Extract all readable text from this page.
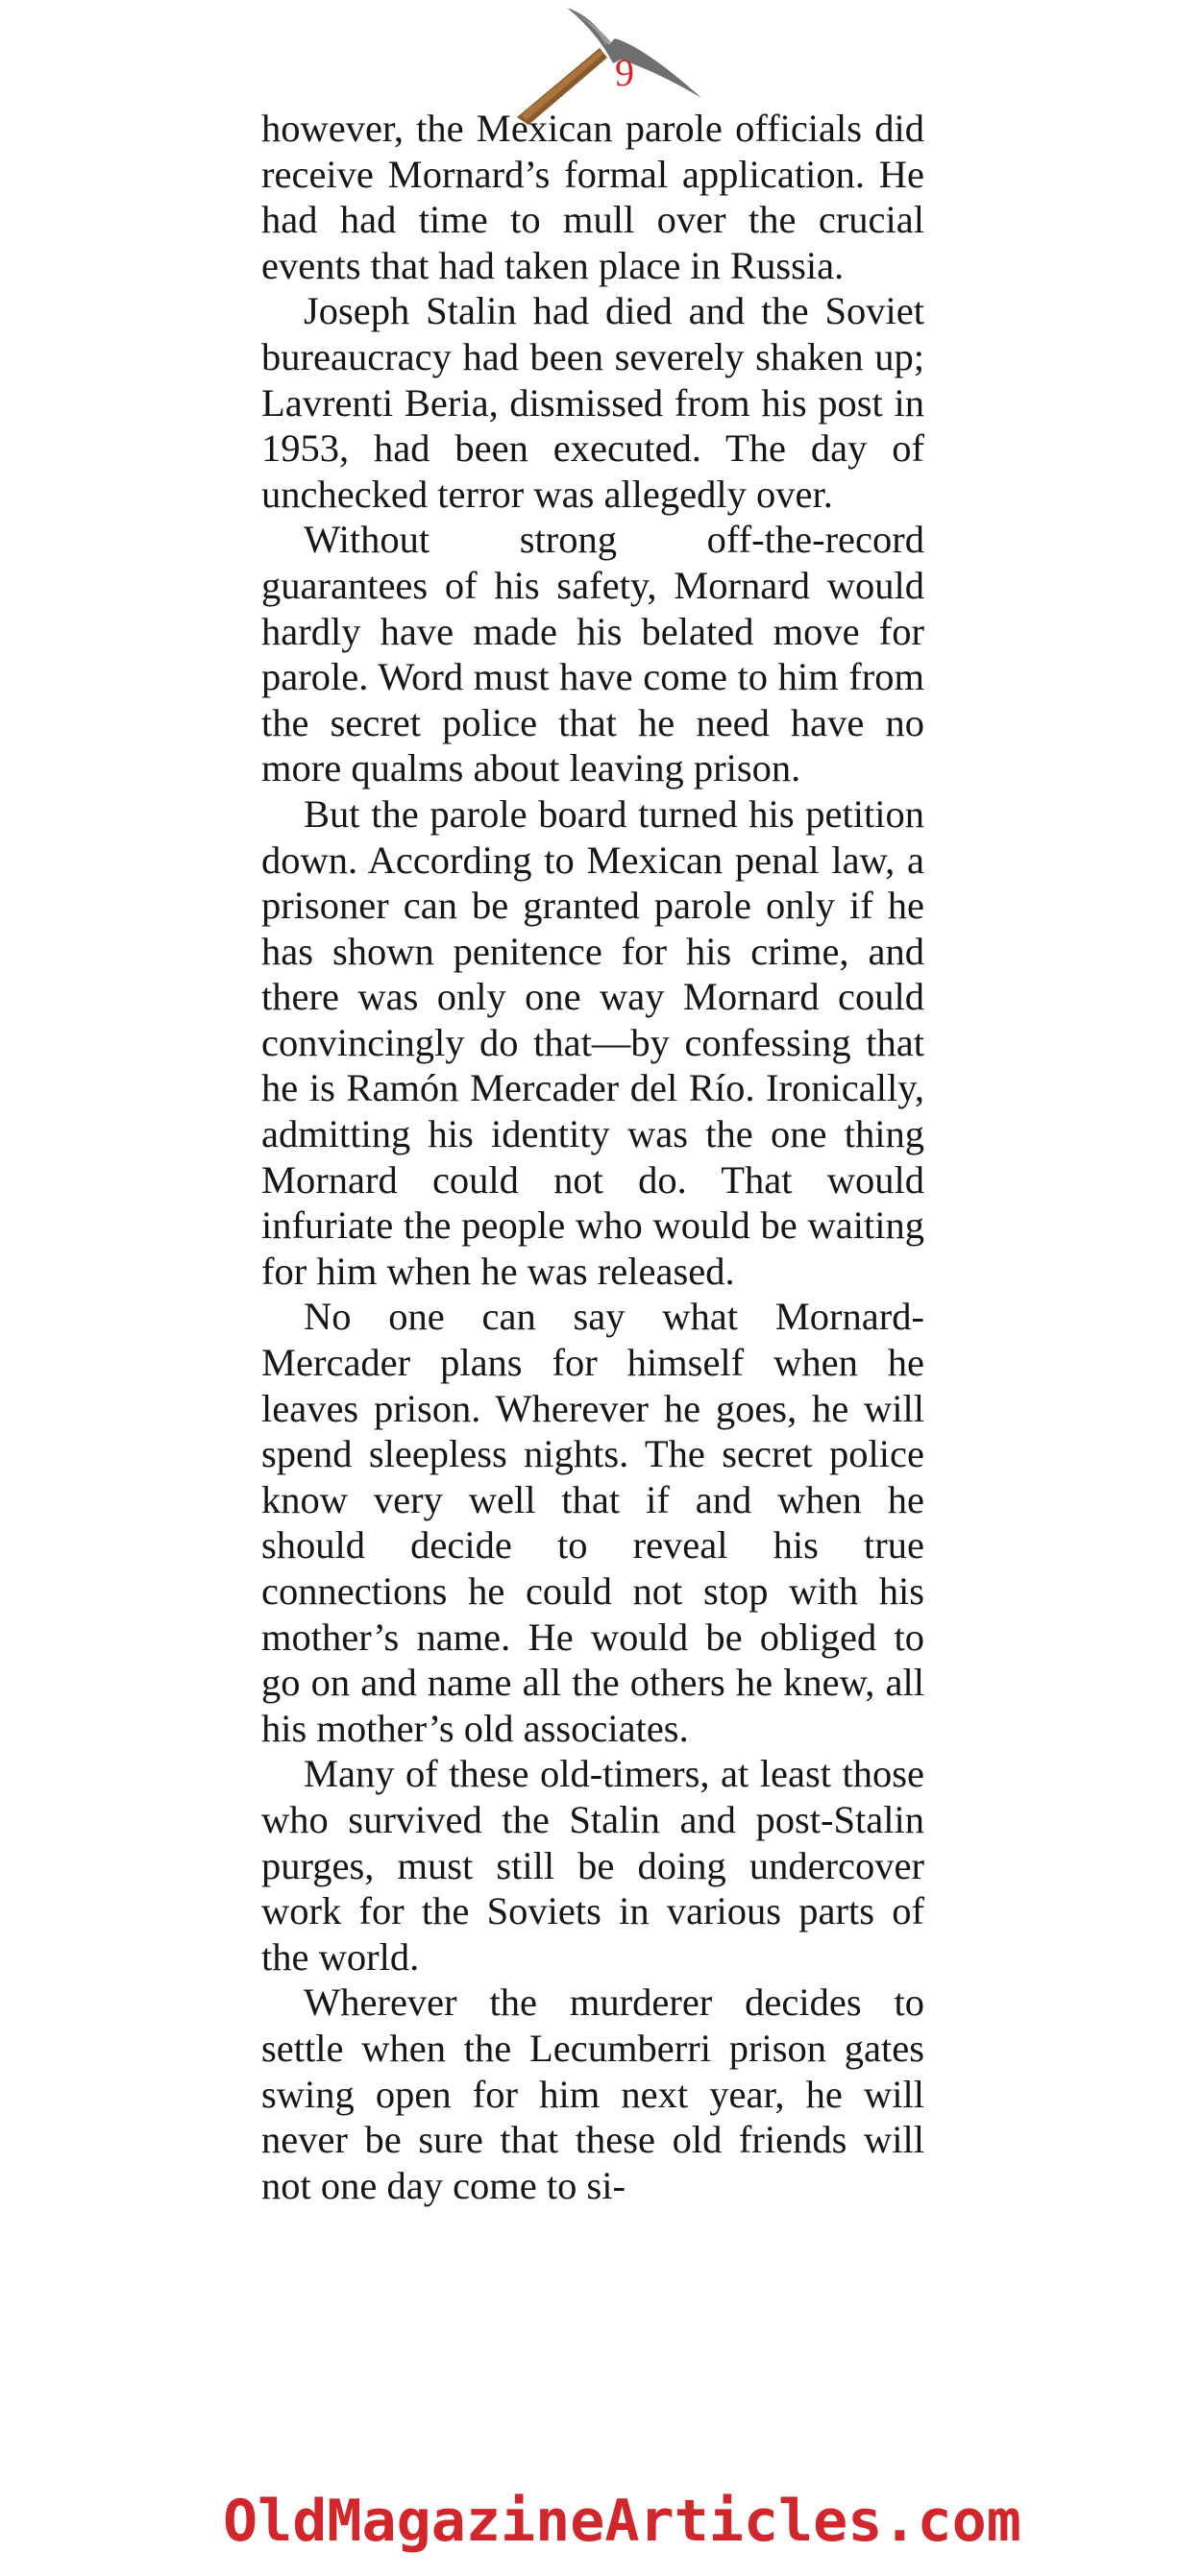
9

however, the Mexican parole officials did receive Mornard’s formal application. He had had time to mull over the crucial events that had taken place in Russia.

Joseph Stalin had died and the Soviet bureaucracy had been severely shaken up; Lavrenti Beria, dismissed from his post in 1953, had been executed. The day of unchecked terror was allegedly over.

Without strong off-the-record guarantees of his safety, Mornard would hardly have made his belated move for parole. Word must have come to him from the secret police that he need have no more qualms about leaving prison.

But the parole board turned his petition down. According to Mexican penal law, a prisoner can be granted parole only if he has shown penitence for his crime, and there was only one way Mornard could convincingly do that—by confessing that he is Ramón Mercader del Río. Ironically, admitting his identity was the one thing Mornard could not do. That would infuriate the people who would be waiting for him when he was released.

No one can say what Mornard-Mercader plans for himself when he leaves prison. Wherever he goes, he will spend sleepless nights. The secret police know very well that if and when he should decide to reveal his true connections he could not stop with his mother’s name. He would be obliged to go on and name all the others he knew, all his mother’s old associates.

Many of these old-timers, at least those who survived the Stalin and post-Stalin purges, must still be doing undercover work for the Soviets in various parts of the world.

Wherever the murderer decides to settle when the Lecumberri prison gates swing open for him next year, he will never be sure that these old friends will not one day come to si-

OldMagazineArticles.com
